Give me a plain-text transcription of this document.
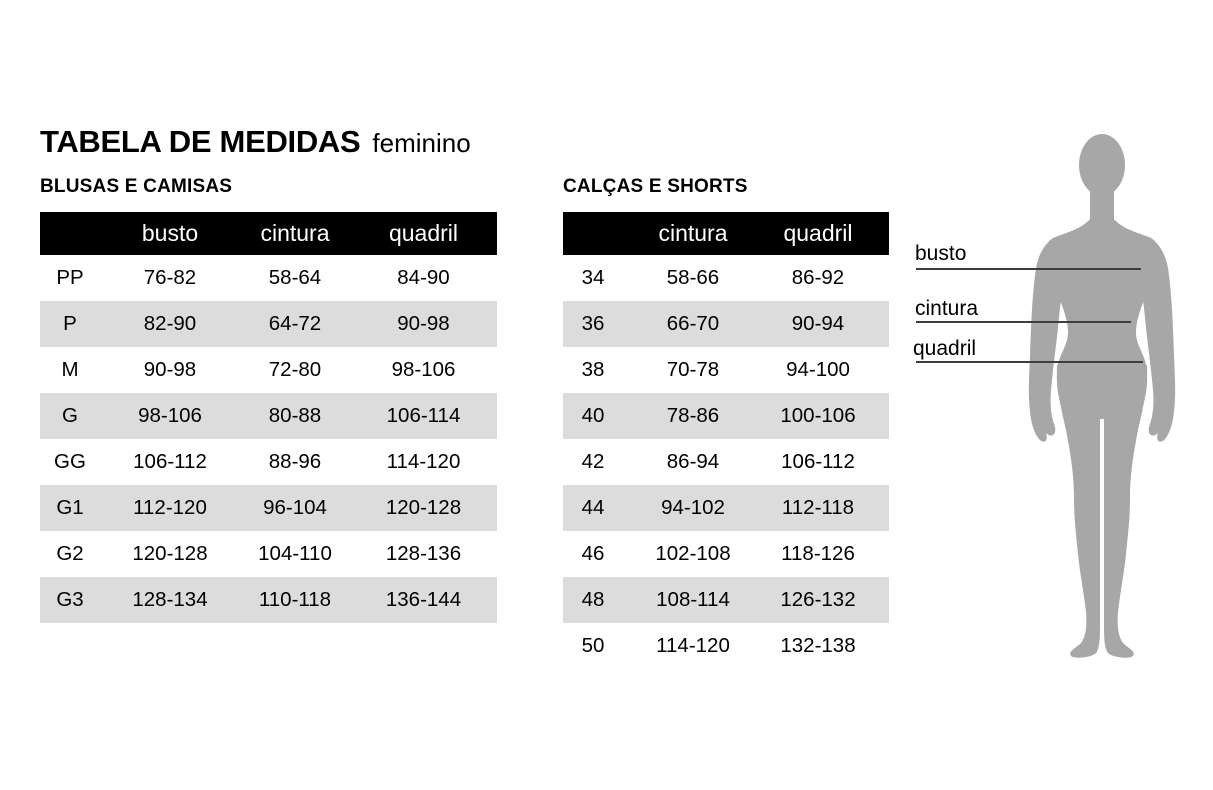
TABELA DE MEDIDAS feminino
BLUSAS E CAMISAS	CALÇAS E SHORTS
busto	cintura	quadril
PP	76-82	58-64	84-90
P	82-90	64-72	90-98
M	90-98	72-80	98-106
G	98-106	80-88	106-114
GG	106-112	88-96	114-120
G1	112-120	96-104	120-128
G2	120-128	104-110	128-136
G3	128-134	110-118	136-144
cintura	quadril
34	58-66	86-92
36	66-70	90-94
38	70-78	94-100
40	78-86	100-106
42	86-94	106-112
44	94-102	112-118
46	102-108	118-126
48	108-114	126-132
50	114-120	132-138
busto
cintura
quadril
